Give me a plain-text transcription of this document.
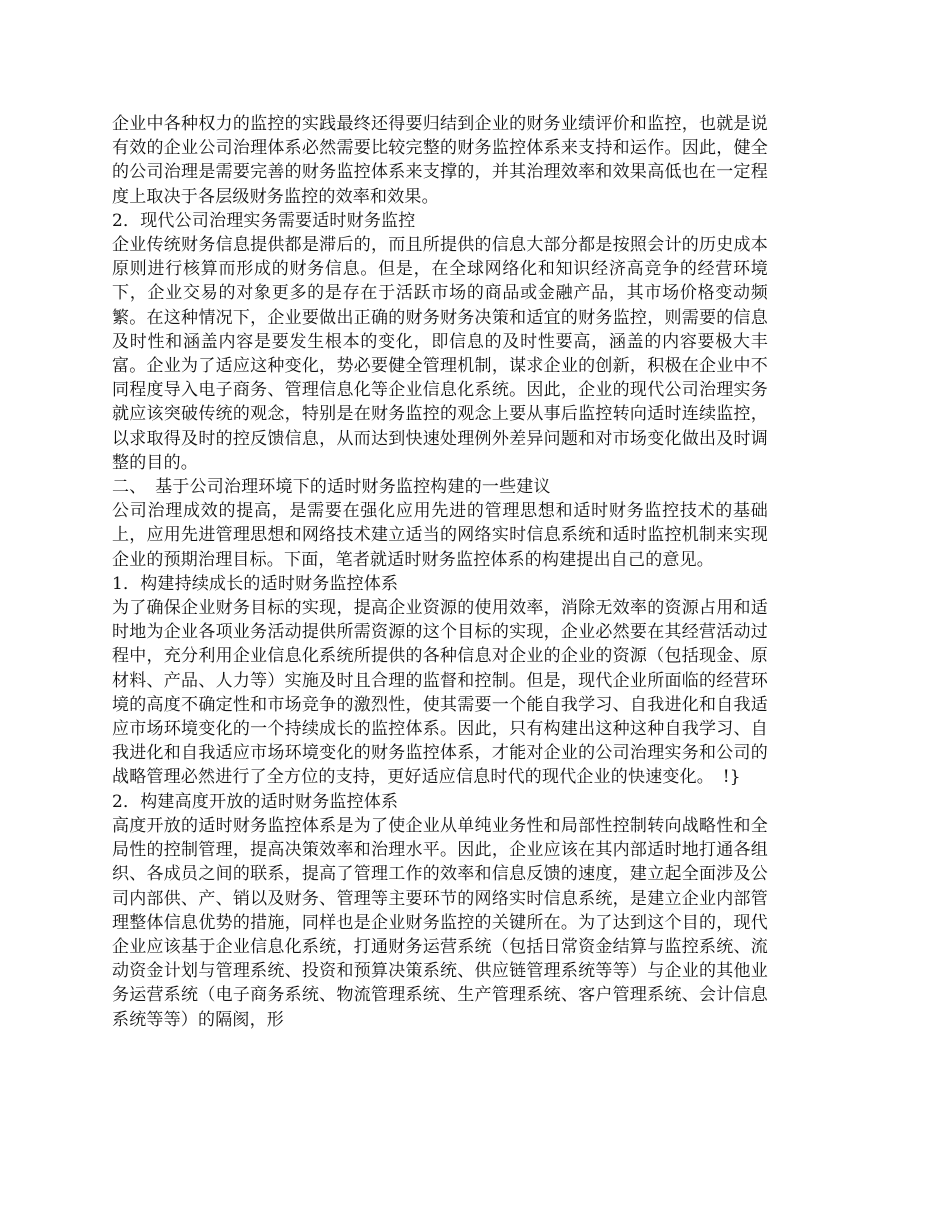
企业中各种权力的监控的实践最终还得要归结到企业的财务业绩评价和监控，也就是说有效的企业公司治理体系必然需要比较完整的财务监控体系来支持和运作。因此，健全的公司治理是需要完善的财务监控体系来支撑的，并其治理效率和效果高低也在一定程度上取决于各层级财务监控的效率和效果。

2．现代公司治理实务需要适时财务监控

企业传统财务信息提供都是滞后的，而且所提供的信息大部分都是按照会计的历史成本原则进行核算而形成的财务信息。但是，在全球网络化和知识经济高竞争的经营环境下，企业交易的对象更多的是存在于活跃市场的商品或金融产品，其市场价格变动频繁。在这种情况下，企业要做出正确的财务财务决策和适宜的财务监控，则需要的信息及时性和涵盖内容是要发生根本的变化，即信息的及时性要高，涵盖的内容要极大丰富。企业为了适应这种变化，势必要健全管理机制，谋求企业的创新，积极在企业中不同程度导入电子商务、管理信息化等企业信息化系统。因此，企业的现代公司治理实务就应该突破传统的观念，特别是在财务监控的观念上要从事后监控转向适时连续监控，以求取得及时的控反馈信息，从而达到快速处理例外差异问题和对市场变化做出及时调整的目的。

二、　基于公司治理环境下的适时财务监控构建的一些建议

公司治理成效的提高，是需要在强化应用先进的管理思想和适时财务监控技术的基础上，应用先进管理思想和网络技术建立适当的网络实时信息系统和适时监控机制来实现企业的预期治理目标。下面，笔者就适时财务监控体系的构建提出自己的意见。

1．构建持续成长的适时财务监控体系

为了确保企业财务目标的实现，提高企业资源的使用效率，消除无效率的资源占用和适时地为企业各项业务活动提供所需资源的这个目标的实现，企业必然要在其经营活动过程中，充分利用企业信息化系统所提供的各种信息对企业的企业的资源（包括现金、原材料、产品、人力等）实施及时且合理的监督和控制。但是，现代企业所面临的经营环境的高度不确定性和市场竞争的激烈性，使其需要一个能自我学习、自我进化和自我适应市场环境变化的一个持续成长的监控体系。因此，只有构建出这种这种自我学习、自我进化和自我适应市场环境变化的财务监控体系，才能对企业的公司治理实务和公司的战略管理必然进行了全方位的支持，更好适应信息时代的现代企业的快速变化。　!}

2．构建高度开放的适时财务监控体系

高度开放的适时财务监控体系是为了使企业从单纯业务性和局部性控制转向战略性和全局性的控制管理，提高决策效率和治理水平。因此，企业应该在其内部适时地打通各组织、各成员之间的联系，提高了管理工作的效率和信息反馈的速度，建立起全面涉及公司内部供、产、销以及财务、管理等主要环节的网络实时信息系统，是建立企业内部管理整体信息优势的措施，同样也是企业财务监控的关键所在。为了达到这个目的，现代企业应该基于企业信息化系统，打通财务运营系统（包括日常资金结算与监控系统、流动资金计划与管理系统、投资和预算决策系统、供应链管理系统等等）与企业的其他业务运营系统（电子商务系统、物流管理系统、生产管理系统、客户管理系统、会计信息系统等等）的隔阂，形
